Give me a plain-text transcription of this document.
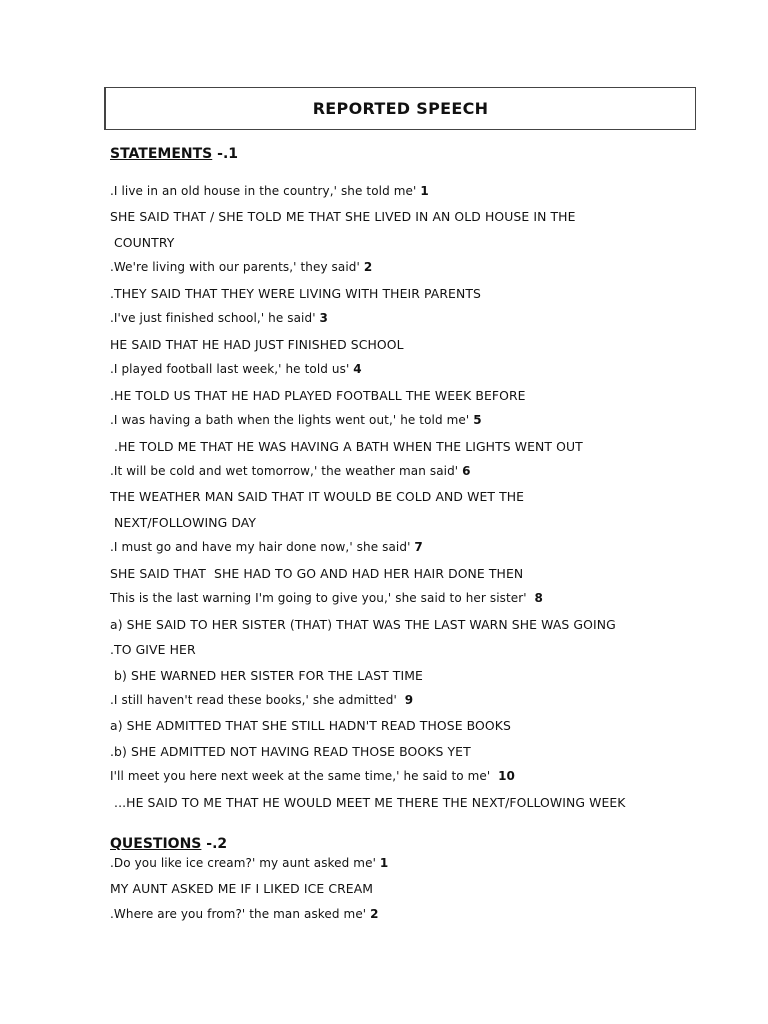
REPORTED SPEECH
STATEMENTS -.1
.I live in an old house in the country,' she told me' 1
SHE SAID THAT / SHE TOLD ME THAT SHE LIVED IN AN OLD HOUSE IN THE
COUNTRY
.We're living with our parents,' they said' 2
.THEY SAID THAT THEY WERE LIVING WITH THEIR PARENTS
.I've just finished school,' he said' 3
HE SAID THAT HE HAD JUST FINISHED SCHOOL
.I played football last week,' he told us' 4
.HE TOLD US THAT HE HAD PLAYED FOOTBALL THE WEEK BEFORE
.I was having a bath when the lights went out,' he told me' 5
.HE TOLD ME THAT HE WAS HAVING A BATH WHEN THE LIGHTS WENT OUT
.It will be cold and wet tomorrow,' the weather man said' 6
THE WEATHER MAN SAID THAT IT WOULD BE COLD AND WET THE
NEXT/FOLLOWING DAY
.I must go and have my hair done now,' she said' 7
SHE SAID THAT  SHE HAD TO GO AND HAD HER HAIR DONE THEN
This is the last warning I'm going to give you,' she said to her sister'  8
a) SHE SAID TO HER SISTER (THAT) THAT WAS THE LAST WARN SHE WAS GOING
.TO GIVE HER
b) SHE WARNED HER SISTER FOR THE LAST TIME
.I still haven't read these books,' she admitted'  9
a) SHE ADMITTED THAT SHE STILL HADN'T READ THOSE BOOKS
.b) SHE ADMITTED NOT HAVING READ THOSE BOOKS YET
I'll meet you here next week at the same time,' he said to me'  10
...HE SAID TO ME THAT HE WOULD MEET ME THERE THE NEXT/FOLLOWING WEEK
QUESTIONS -.2
.Do you like ice cream?' my aunt asked me' 1
MY AUNT ASKED ME IF I LIKED ICE CREAM
.Where are you from?' the man asked me' 2
